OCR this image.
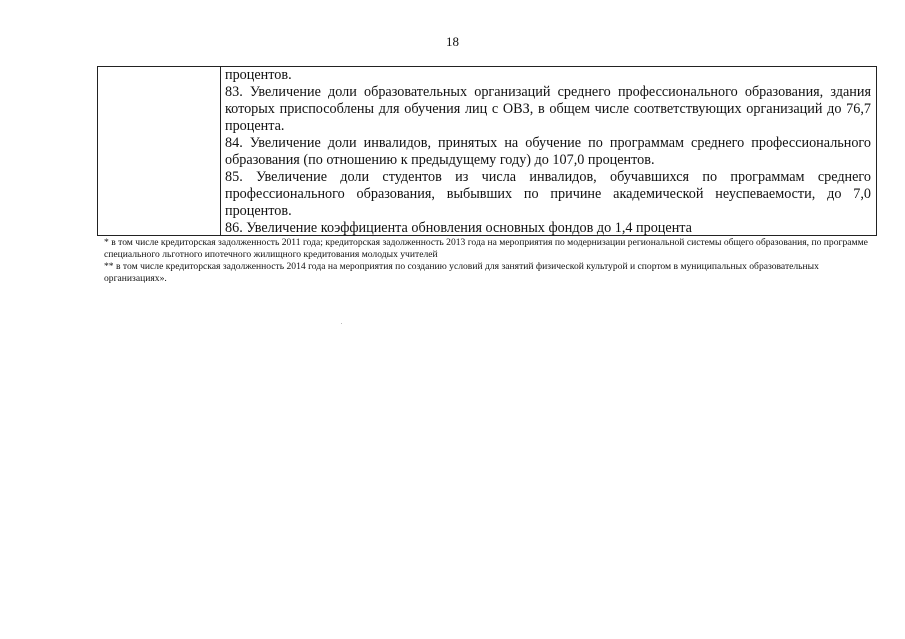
18

процентов.

83. Увеличение доли образовательных организаций среднего профессионального образования, здания которых приспособлены для обучения лиц с ОВЗ, в общем числе соответствующих организаций до 76,7 процента.

84. Увеличение доли инвалидов, принятых на обучение по программам среднего профессионального образования (по отношению к предыдущему году) до 107,0 процентов.

85. Увеличение доли студентов из числа инвалидов, обучавшихся по программам среднего профессионального образования, выбывших по причине академической неуспеваемости, до 7,0 процентов.

86. Увеличение коэффициента обновления основных фондов до 1,4 процента

* в том числе кредиторская задолженность 2011 года; кредиторская задолженность 2013 года на мероприятия по модернизации региональной системы общего образования, по программе специального льготного ипотечного жилищного кредитования молодых учителей

** в том числе кредиторская задолженность 2014 года на мероприятия по созданию условий для занятий физической культурой и спортом в муниципальных образовательных организациях».
